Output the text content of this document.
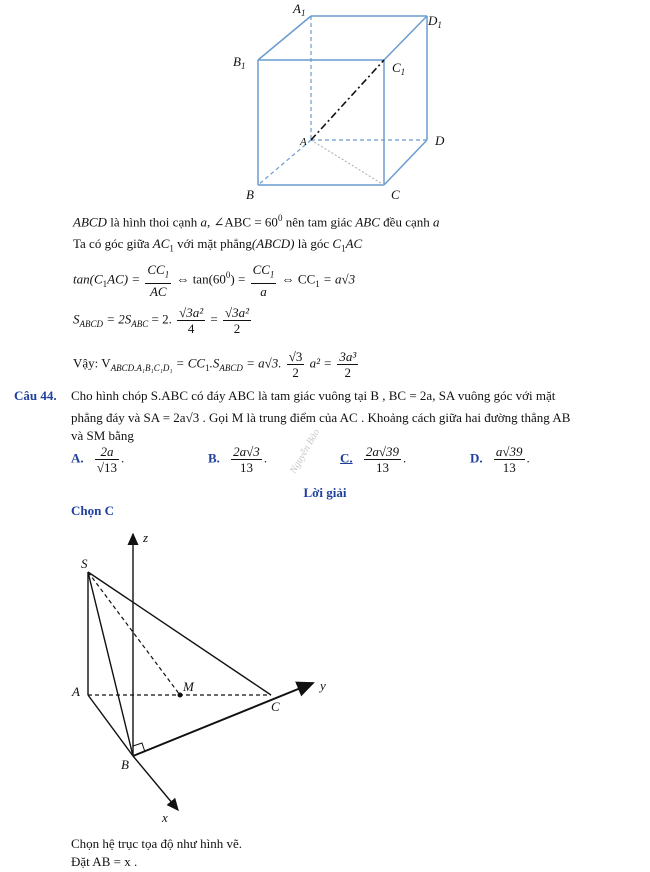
$A_1$	$D_1$
$B_1$	$C_1$
A	D
B	C
ABCD là hình thoi cạnh a, ∠ABC = $60^0$ nên tam giác ABC đều cạnh a
Ta có góc giữa $AC_1$ với mặt phẳng(ABCD) là góc $C_1AC$
$\tan(C_1AC) = \frac{CC_1}{AC}$ ⇔ $\tan(60^0) = \frac{CC_1}{a}$ ⇔ $CC_1 = a√3$
$S_{ABCD} = 2S_{ABC} = 2$. $\frac{\text{√3a²}}{4} = \frac{\text{√3a²}}{2}$
Vậy: $V_{ABCD.A_1B_1C_1D_1} = CC_1.S_{ABCD} = a√3$. $\frac{√3}{2} a^2 = \frac{\text{3a³}}{2}$
Câu 44. Cho hình chóp S.ABC có đáy ABC là tam giác vuông tại B , BC = 2a, SA vuông góc với mặt
phẳng đáy và SA = 2a√3 . Gọi M là trung điểm của AC . Khoảng cách giữa hai đường thẳng AB
và SM bằng	Nguyễn Bảo
A. $\frac{2a}{√13}$ .	B. $\frac{2a√3}{13}$ .	C. $\frac{2a√39}{13}$ .	D. $\frac{a√39}{13}$ .
Lời giải
Chọn C
S
A	M
C
B
x
y
z
Chọn hệ trục tọa độ như hình vẽ.
Đặt AB = x .
